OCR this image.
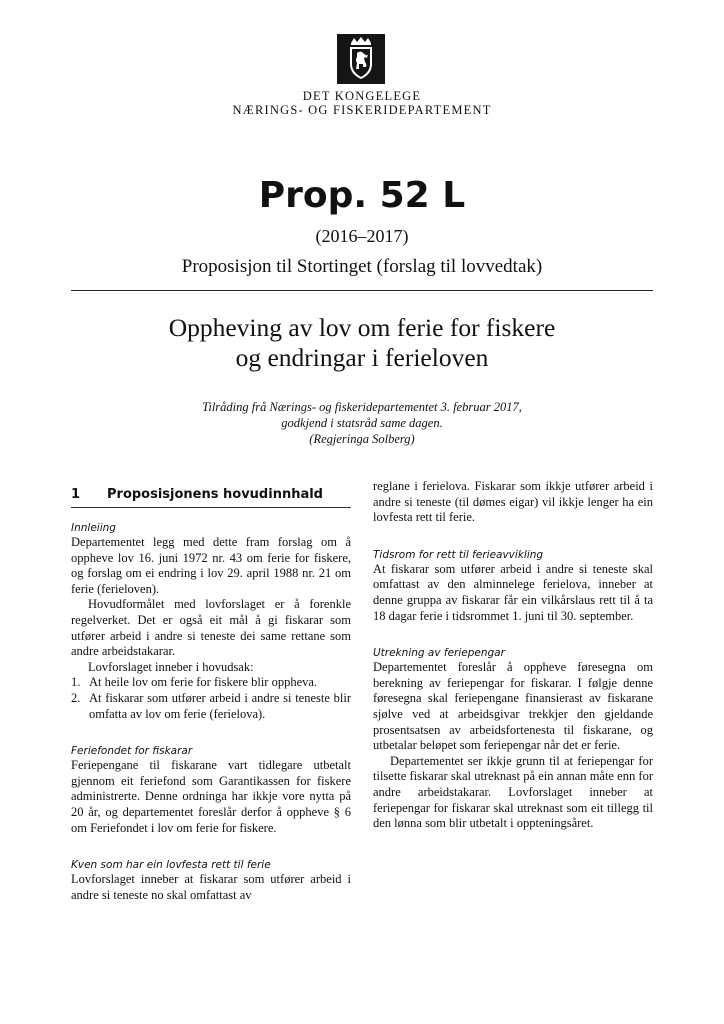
DET KONGELEGE
NÆRINGS- OG FISKERIDEPARTEMENT
Prop. 52 L
(2016–2017)
Proposisjon til Stortinget (forslag til lovvedtak)
Oppheving av lov om ferie for fiskere
og endringar i ferieloven
Tilråding frå Nærings- og fiskeridepartementet 3. februar 2017,
godkjend i statsråd same dagen.
(Regjeringa Solberg)
1	Proposisjonens hovudinnhald

Innleiing

Departementet legg med dette fram forslag om å oppheve lov 16. juni 1972 nr. 43 om ferie for fiskere, og forslag om ei endring i lov 29. april 1988 nr. 21 om ferie (ferieloven).

Hovudformålet med lovforslaget er å forenkle regelverket. Det er også eit mål å gi fiskarar som utfører arbeid i andre si teneste dei same rettane som andre arbeidstakarar.

Lovforslaget inneber i hovudsak:

1. At heile lov om ferie for fiskere blir oppheva.
2. At fiskarar som utfører arbeid i andre si teneste blir omfatta av lov om ferie (ferielova).

Feriefondet for fiskarar

Feriepengane til fiskarane vart tidlegare utbetalt gjennom eit feriefond som Garantikassen for fiskere administrerte. Denne ordninga har ikkje vore nytta på 20 år, og departementet foreslår derfor å oppheve § 6 om Feriefondet i lov om ferie for fiskere.

Kven som har ein lovfesta rett til ferie

Lovforslaget inneber at fiskarar som utfører arbeid i andre si teneste no skal omfattast av

reglane i ferielova. Fiskarar som ikkje utfører arbeid i andre si teneste (til dømes eigar) vil ikkje lenger ha ein lovfesta rett til ferie.

Tidsrom for rett til ferieavvikling

At fiskarar som utfører arbeid i andre si teneste skal omfattast av den alminnelege ferielova, inneber at denne gruppa av fiskarar får ein vilkårslaus rett til å ta 18 dagar ferie i tidsrommet 1. juni til 30. september.

Utrekning av feriepengar

Departementet foreslår å oppheve føresegna om berekning av feriepengar for fiskarar. I følgje denne føresegna skal feriepengane finansierast av fiskarane sjølve ved at arbeidsgivar trekkjer den gjeldande prosentsatsen av arbeidsfortenesta til fiskarane, og utbetalar beløpet som feriepengar når det er ferie.

Departementet ser ikkje grunn til at feriepengar for tilsette fiskarar skal utreknast på ein annan måte enn for andre arbeidstakarar. Lovforslaget inneber at feriepengar for fiskarar skal utreknast som eit tillegg til den lønna som blir utbetalt i oppteningsåret.
